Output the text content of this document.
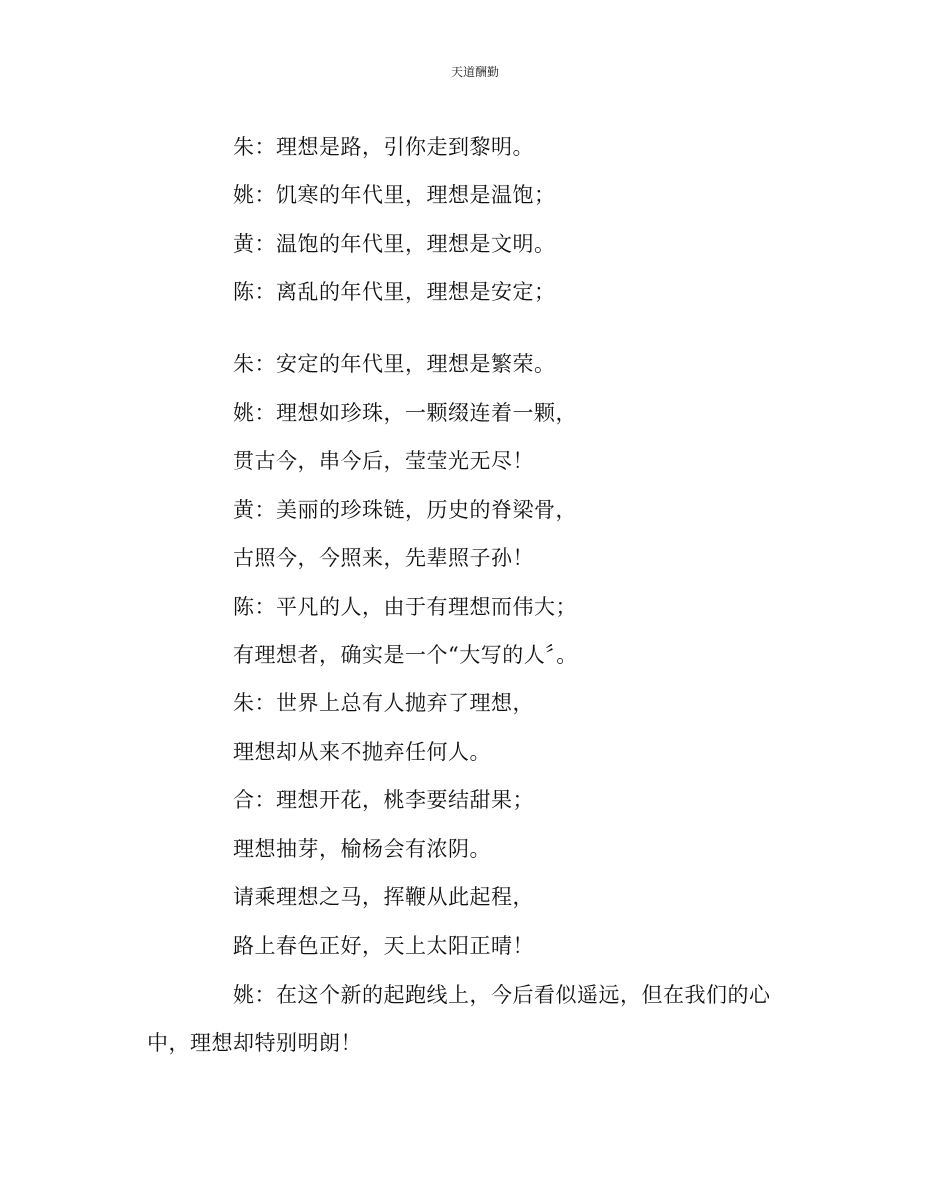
天道酬勤
朱：理想是路，引你走到黎明。
姚：饥寒的年代里，理想是温饱；
黄：温饱的年代里，理想是文明。
陈：离乱的年代里，理想是安定；
朱：安定的年代里，理想是繁荣。
姚：理想如珍珠，一颗缀连着一颗，
贯古今，串今后，莹莹光无尽！
黄：美丽的珍珠链，历史的脊梁骨，
古照今，今照来，先辈照子孙！
陈：平凡的人，由于有理想而伟大；
有理想者，确实是一个“大写的人〞。
朱：世界上总有人抛弃了理想，
理想却从来不抛弃任何人。
合：理想开花，桃李要结甜果；
理想抽芽，榆杨会有浓阴。
请乘理想之马，挥鞭从此起程，
路上春色正好，天上太阳正晴！
姚：在这个新的起跑线上，今后看似遥远，但在我们的心
中，理想却特别明朗！
